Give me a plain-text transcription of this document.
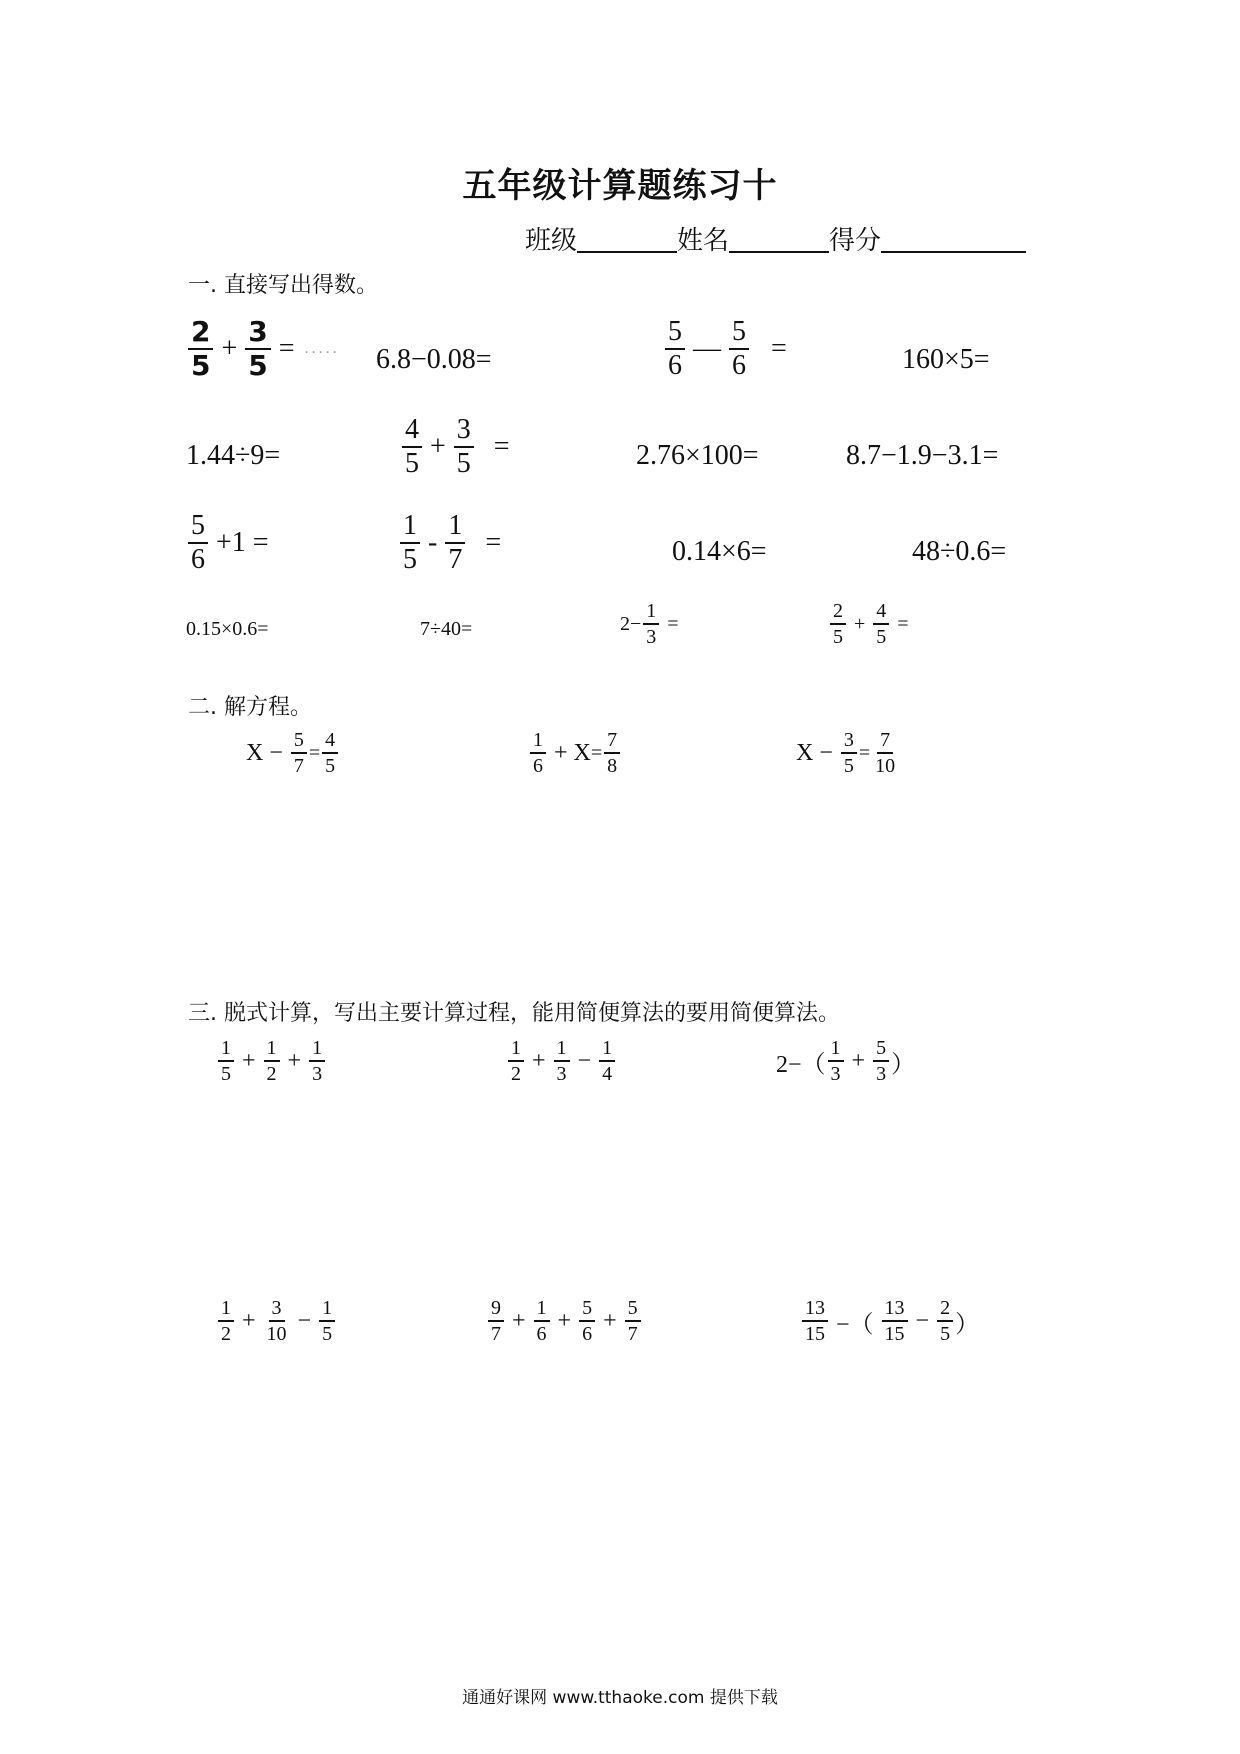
五年级计算题练习十
班级	姓名	得分
一. 直接写出得数。
$\frac{2}{5} + \frac{3}{5}$ = ..... 6.8−0.08=	$\frac{5}{6}$ — $\frac{5}{6}$ =	160×5=
1.44÷9=	$\frac{4}{5} + \frac{3}{5}$ =	2.76×100=	8.7−1.9−3.1=
$\frac{5}{6} +1$ =	$\frac{1}{5} - \frac{1}{7}$ =	0.14×6=	48÷0.6=
0.15×0.6=	7÷40=	$2- \frac{1}{3}$ =	$\frac{2}{5} + \frac{4}{5}$ =
二. 解方程。
$X - \frac{5}{7} = \frac{4}{5}$	$\frac{1}{6} + X = \frac{7}{8}$	$X - \frac{3}{5} = \frac{7}{10}$
三. 脱式计算，写出主要计算过程，能用简便算法的要用简便算法。
$\frac{1}{5} + \frac{1}{2} + \frac{1}{3}$	$\frac{1}{2} + \frac{1}{3} - \frac{1}{4}$	$2-( \frac{1}{3} + \frac{5}{3}$ ）
$\frac{1}{2} + \frac{3}{10} - \frac{1}{5}$	$\frac{9}{7} + \frac{1}{6} + \frac{5}{6} + \frac{5}{7}$	$\frac{13}{15}$ −（ $\frac{13}{15} - \frac{2}{5}$ ）
通通好课网 www.tthaoke.com 提供下载
